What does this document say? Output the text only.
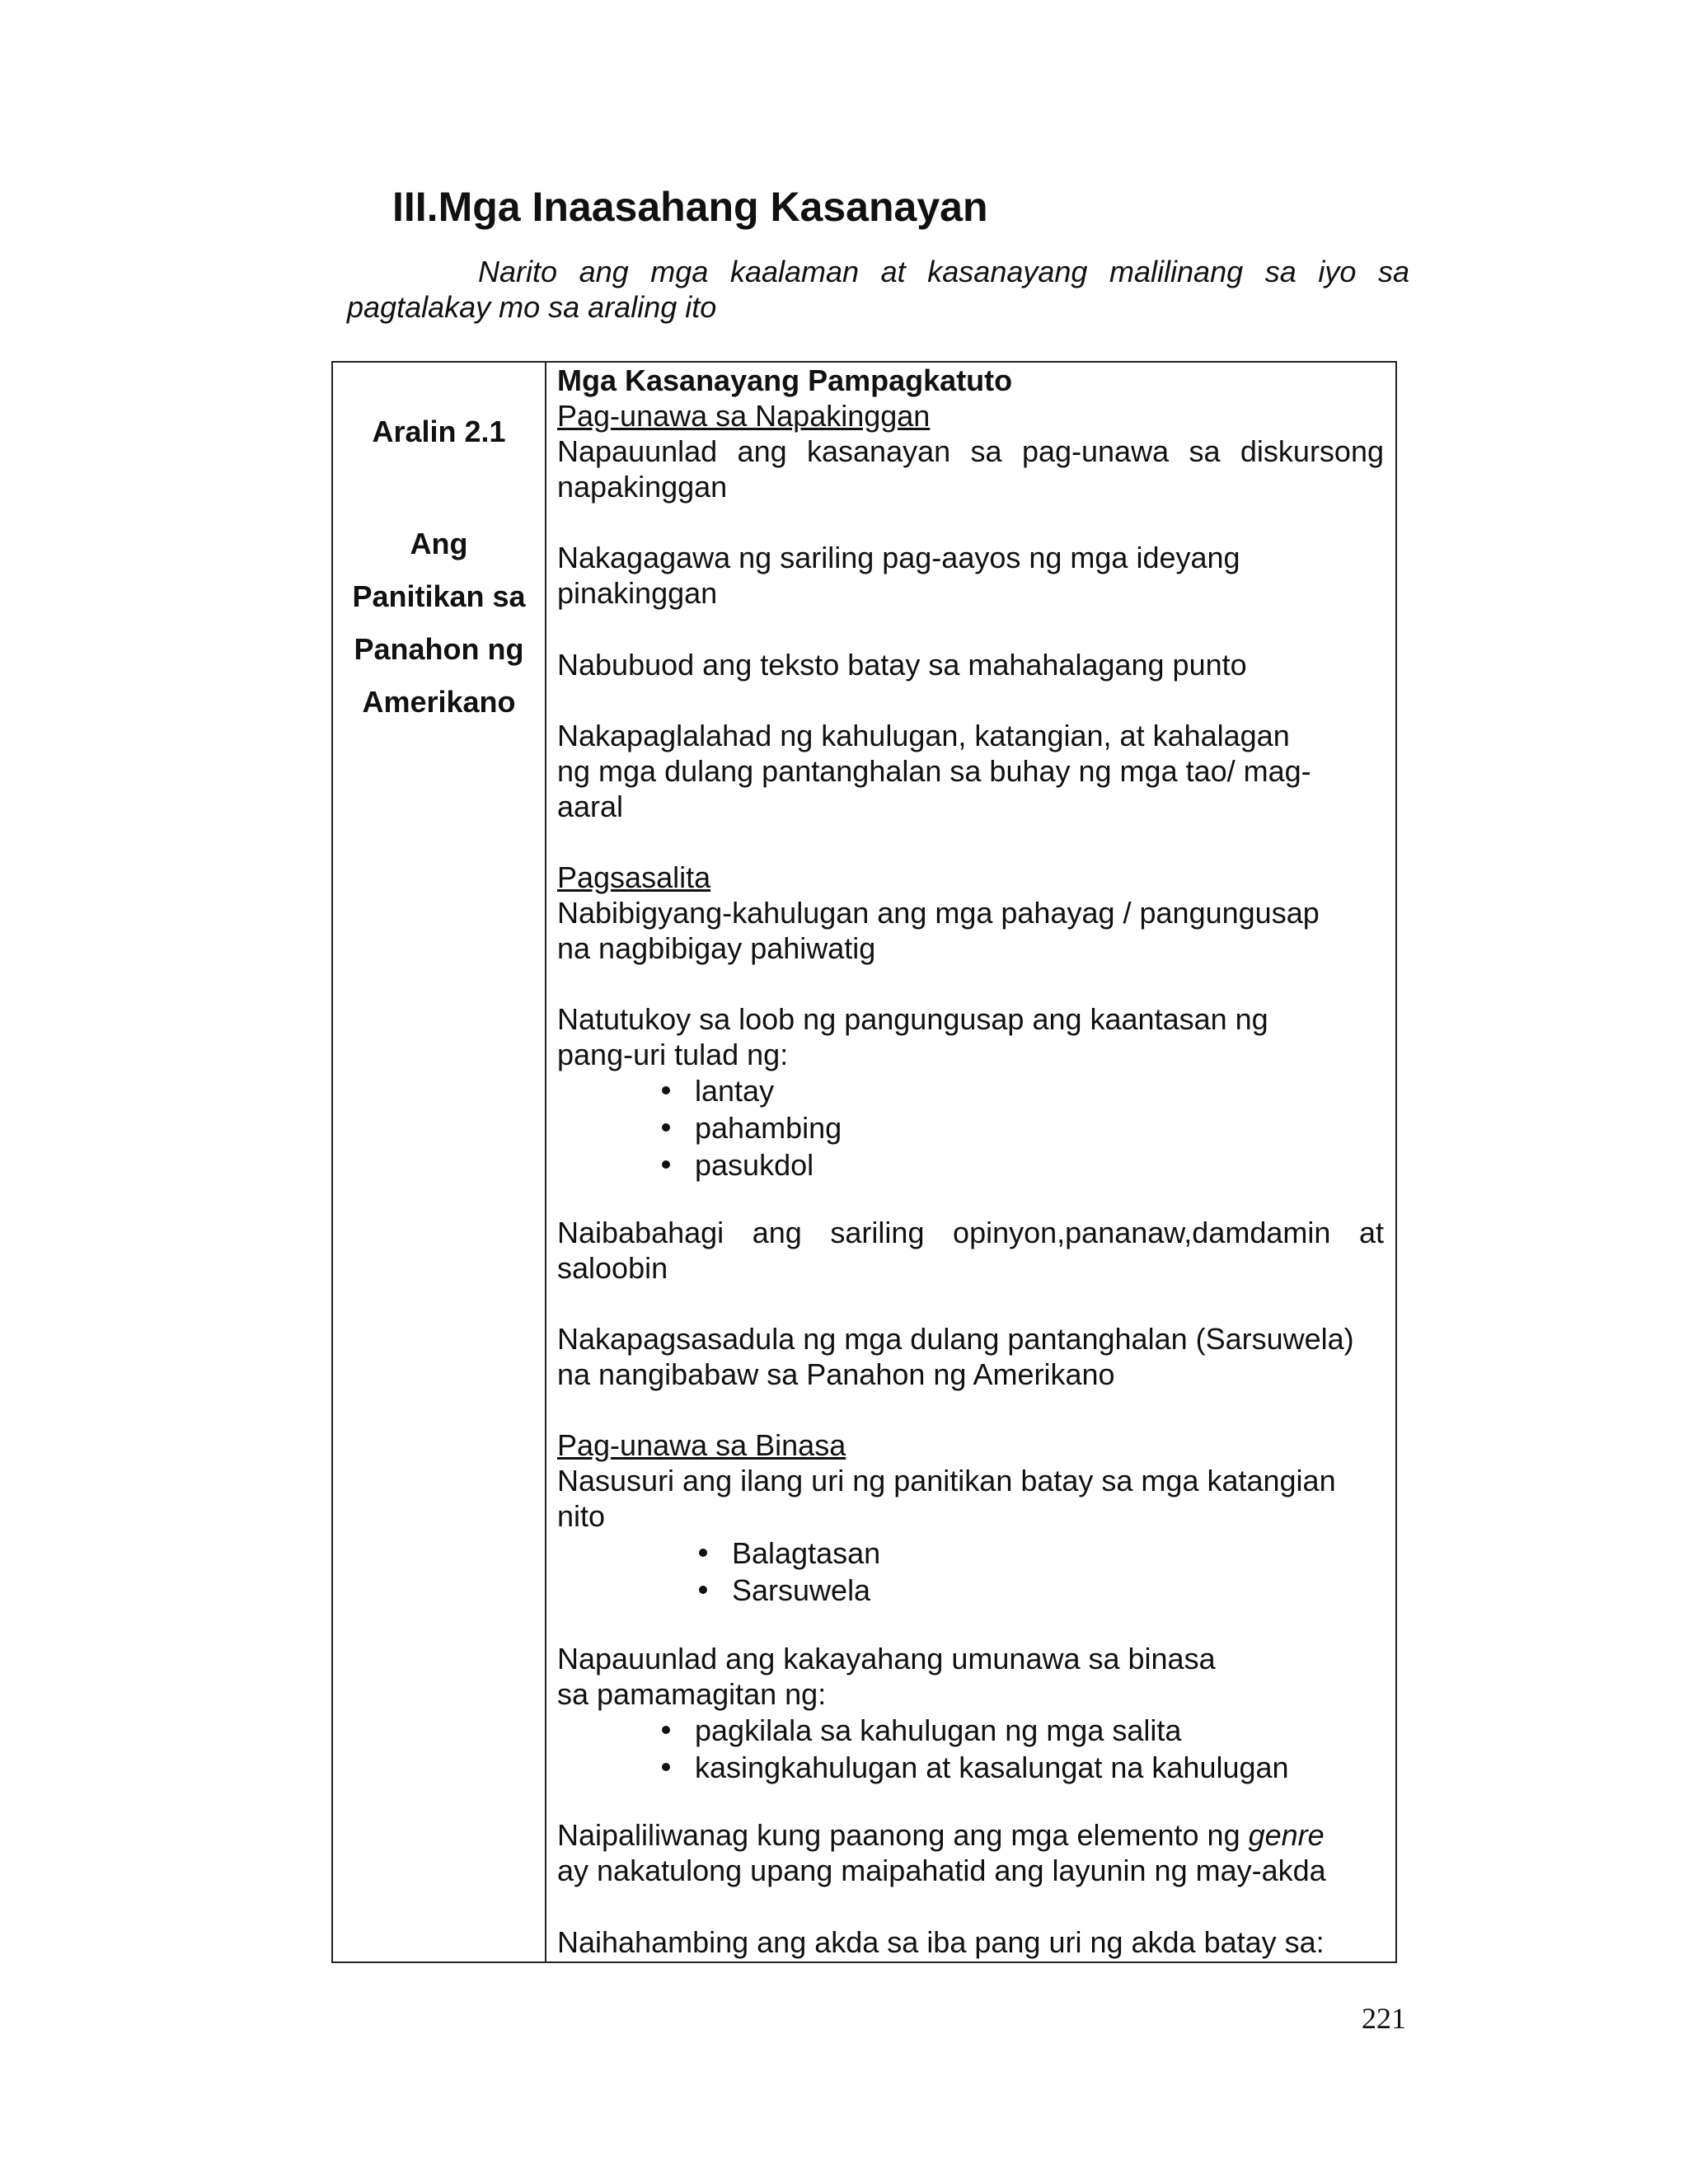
III.Mga Inaasahang Kasanayan

Narito ang mga kaalaman at kasanayang malilinang sa iyo sa
pagtalakay mo sa araling ito

Aralin 2.1
Ang
Panitikan sa
Panahon ng
Amerikano
Mga Kasanayang Pampagkatuto
Pag-unawa sa Napakinggan
Napauunlad ang kasanayan sa pag-unawa sa diskursong
napakinggan
Nakagagawa ng sariling pag-aayos ng mga ideyang
pinakinggan
Nabubuod ang teksto batay sa mahahalagang punto
Nakapaglalahad ng kahulugan, katangian, at kahalagan
ng mga dulang pantanghalan sa buhay ng mga tao/ mag-
aaral
Pagsasalita
Nabibigyang-kahulugan ang mga pahayag / pangungusap
na nagbibigay pahiwatig
Natutukoy sa loob ng pangungusap ang kaantasan ng
pang-uri tulad ng:
lantay
pahambing
pasukdol
Naibabahagi ang sariling opinyon,pananaw,damdamin at
saloobin
Nakapagsasadula ng mga dulang pantanghalan (Sarsuwela)
na nangibabaw sa Panahon ng Amerikano
Pag-unawa sa Binasa
Nasusuri ang ilang uri ng panitikan batay sa mga katangian
nito
Balagtasan
Sarsuwela
Napauunlad ang kakayahang umunawa sa binasa
sa pamamagitan ng:
pagkilala sa kahulugan ng mga salita
kasingkahulugan at kasalungat na kahulugan
Naipaliliwanag kung paanong ang mga elemento ng genre
ay nakatulong upang maipahatid ang layunin ng may-akda
Naihahambing ang akda sa iba pang uri ng akda batay sa:
221
